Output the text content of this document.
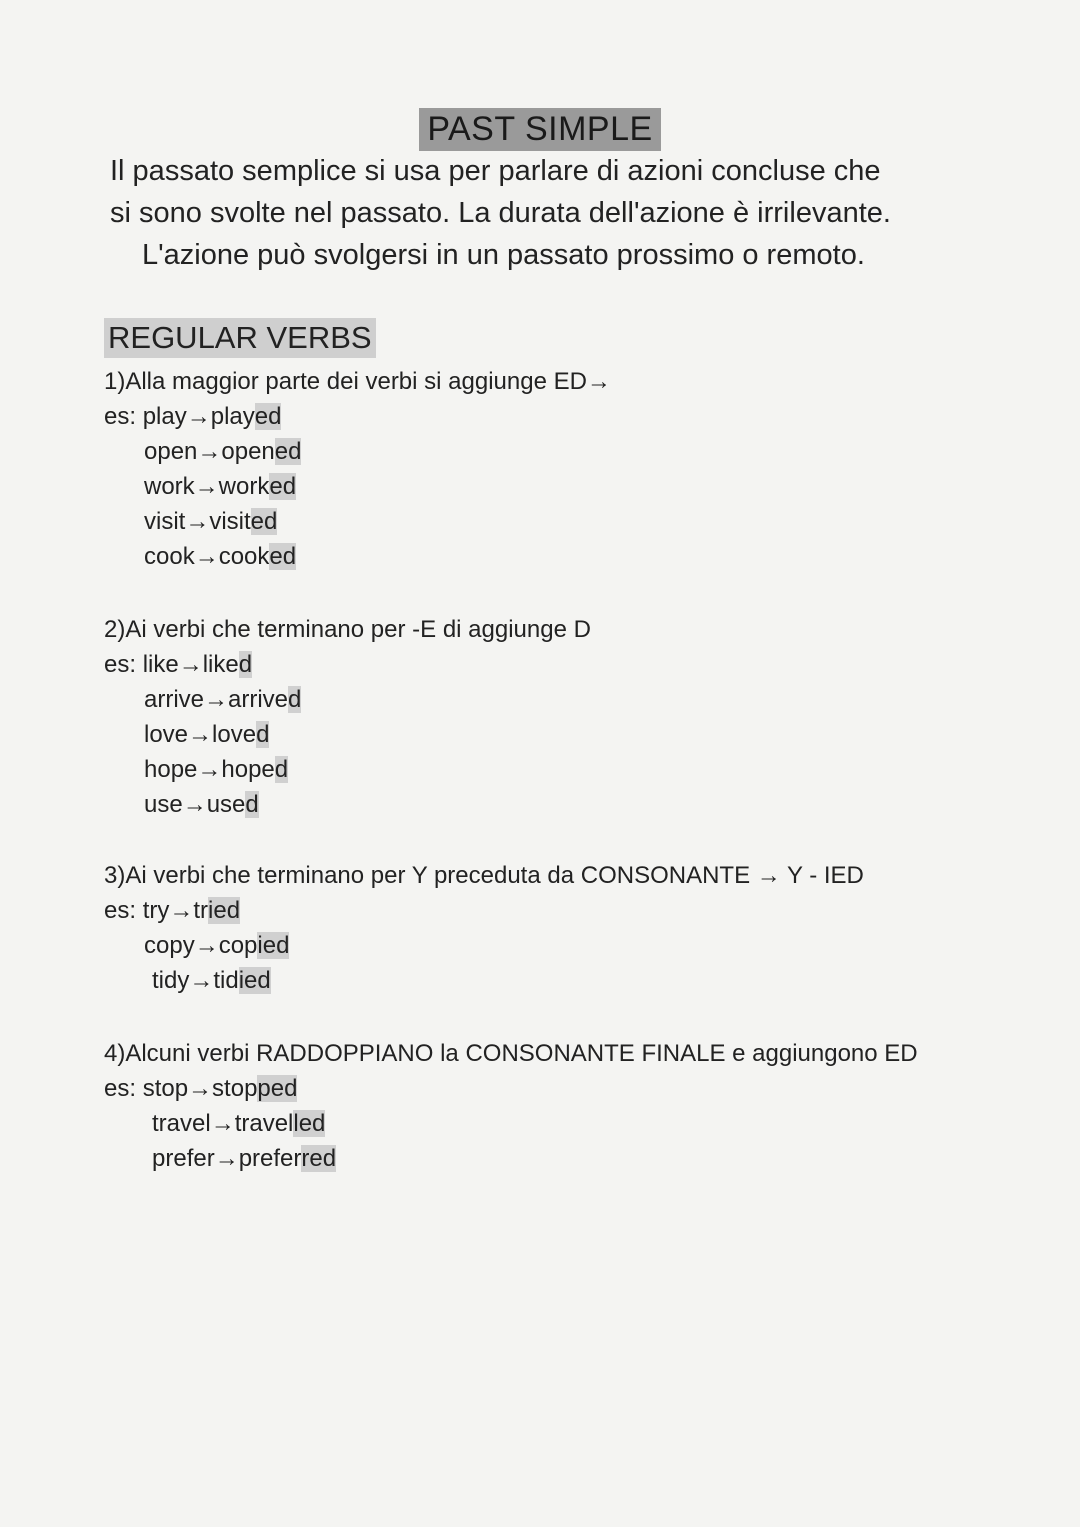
PAST SIMPLE

Il passato semplice si usa per parlare di azioni concluse che

si sono svolte nel passato. La durata dell'azione è irrilevante.

L'azione può svolgersi in un passato prossimo o remoto.

REGULAR VERBS

1)Alla maggior parte dei verbi si aggiunge ED→

es: play→played

open→opened

work→worked

visit→visited

cook→cooked

2)Ai verbi che terminano per -E di aggiunge D

es: like→liked

arrive→arrived

love→loved

hope→hoped

use→used

3)Ai verbi che terminano per Y preceduta da CONSONANTE → Y - IED

es: try→tried

copy→copied

tidy→tidied

4)Alcuni verbi RADDOPPIANO la CONSONANTE FINALE e aggiungono ED

es: stop→stopped

travel→travelled

prefer→preferred
